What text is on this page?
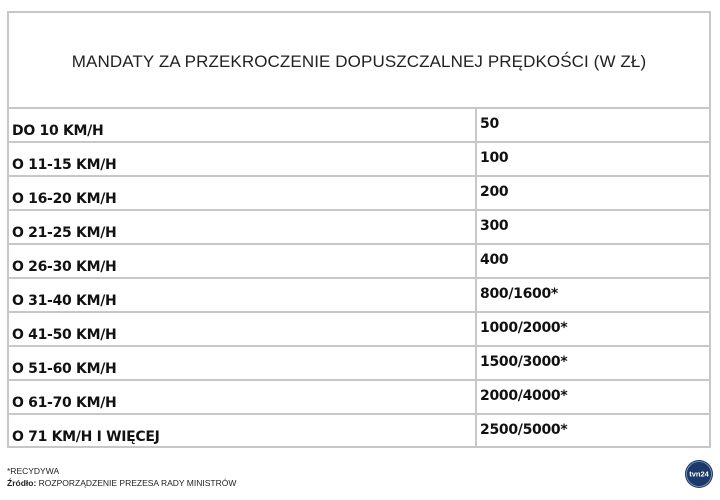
MANDATY ZA PRZEKROCZENIE DOPUSZCZALNEJ PRĘDKOŚCI (W ZŁ)
DO 10 KM/H	50
O 11-15 KM/H	100
O 16-20 KM/H	200
O 21-25 KM/H	300
O 26-30 KM/H	400
O 31-40 KM/H	800/1600*
O 41-50 KM/H	1000/2000*
O 51-60 KM/H	1500/3000*
O 61-70 KM/H	2000/4000*
O 71 KM/H I WIĘCEJ	2500/5000*
*RECYDYWA
Źródło: ROZPORZĄDZENIE PREZESA RADY MINISTRÓW
tvn24
